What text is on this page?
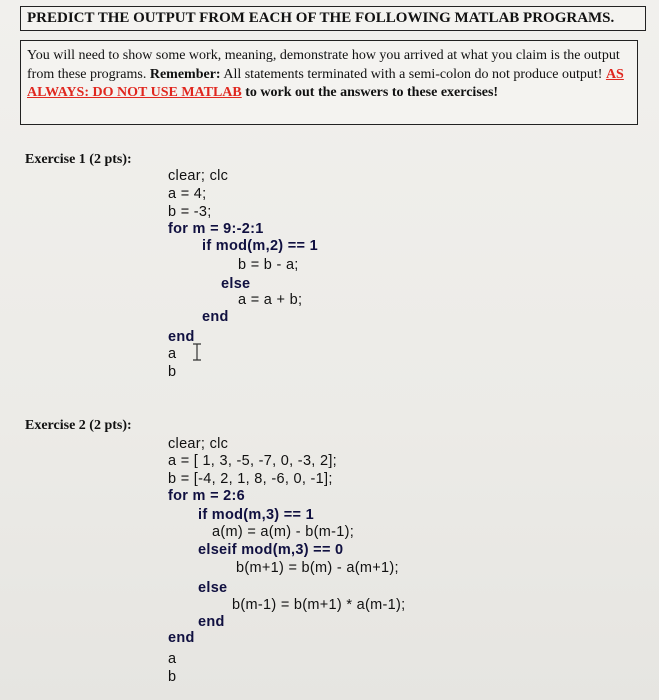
PREDICT THE OUTPUT FROM EACH OF THE FOLLOWING MATLAB PROGRAMS.
You will need to show some work, meaning, demonstrate how you arrived at what you claim is the output from these programs. Remember: All statements terminated with a semi-colon do not produce output! AS ALWAYS: DO NOT USE MATLAB to work out the answers to these exercises!
Exercise 1 (2 pts):
clear; clc
a = 4;
b = -3;
for m = 9:-2:1
if mod(m,2) == 1
b = b - a;
else
a = a + b;
end
end
a
b
Exercise 2 (2 pts):
clear; clc
a = [ 1, 3, -5, -7, 0, -3, 2];
b = [-4, 2, 1, 8, -6, 0, -1];
for m = 2:6
if mod(m,3) == 1
a(m) = a(m) - b(m-1);
elseif mod(m,3) == 0
b(m+1) = b(m) - a(m+1);
else
b(m-1) = b(m+1) * a(m-1);
end
end
a
b
